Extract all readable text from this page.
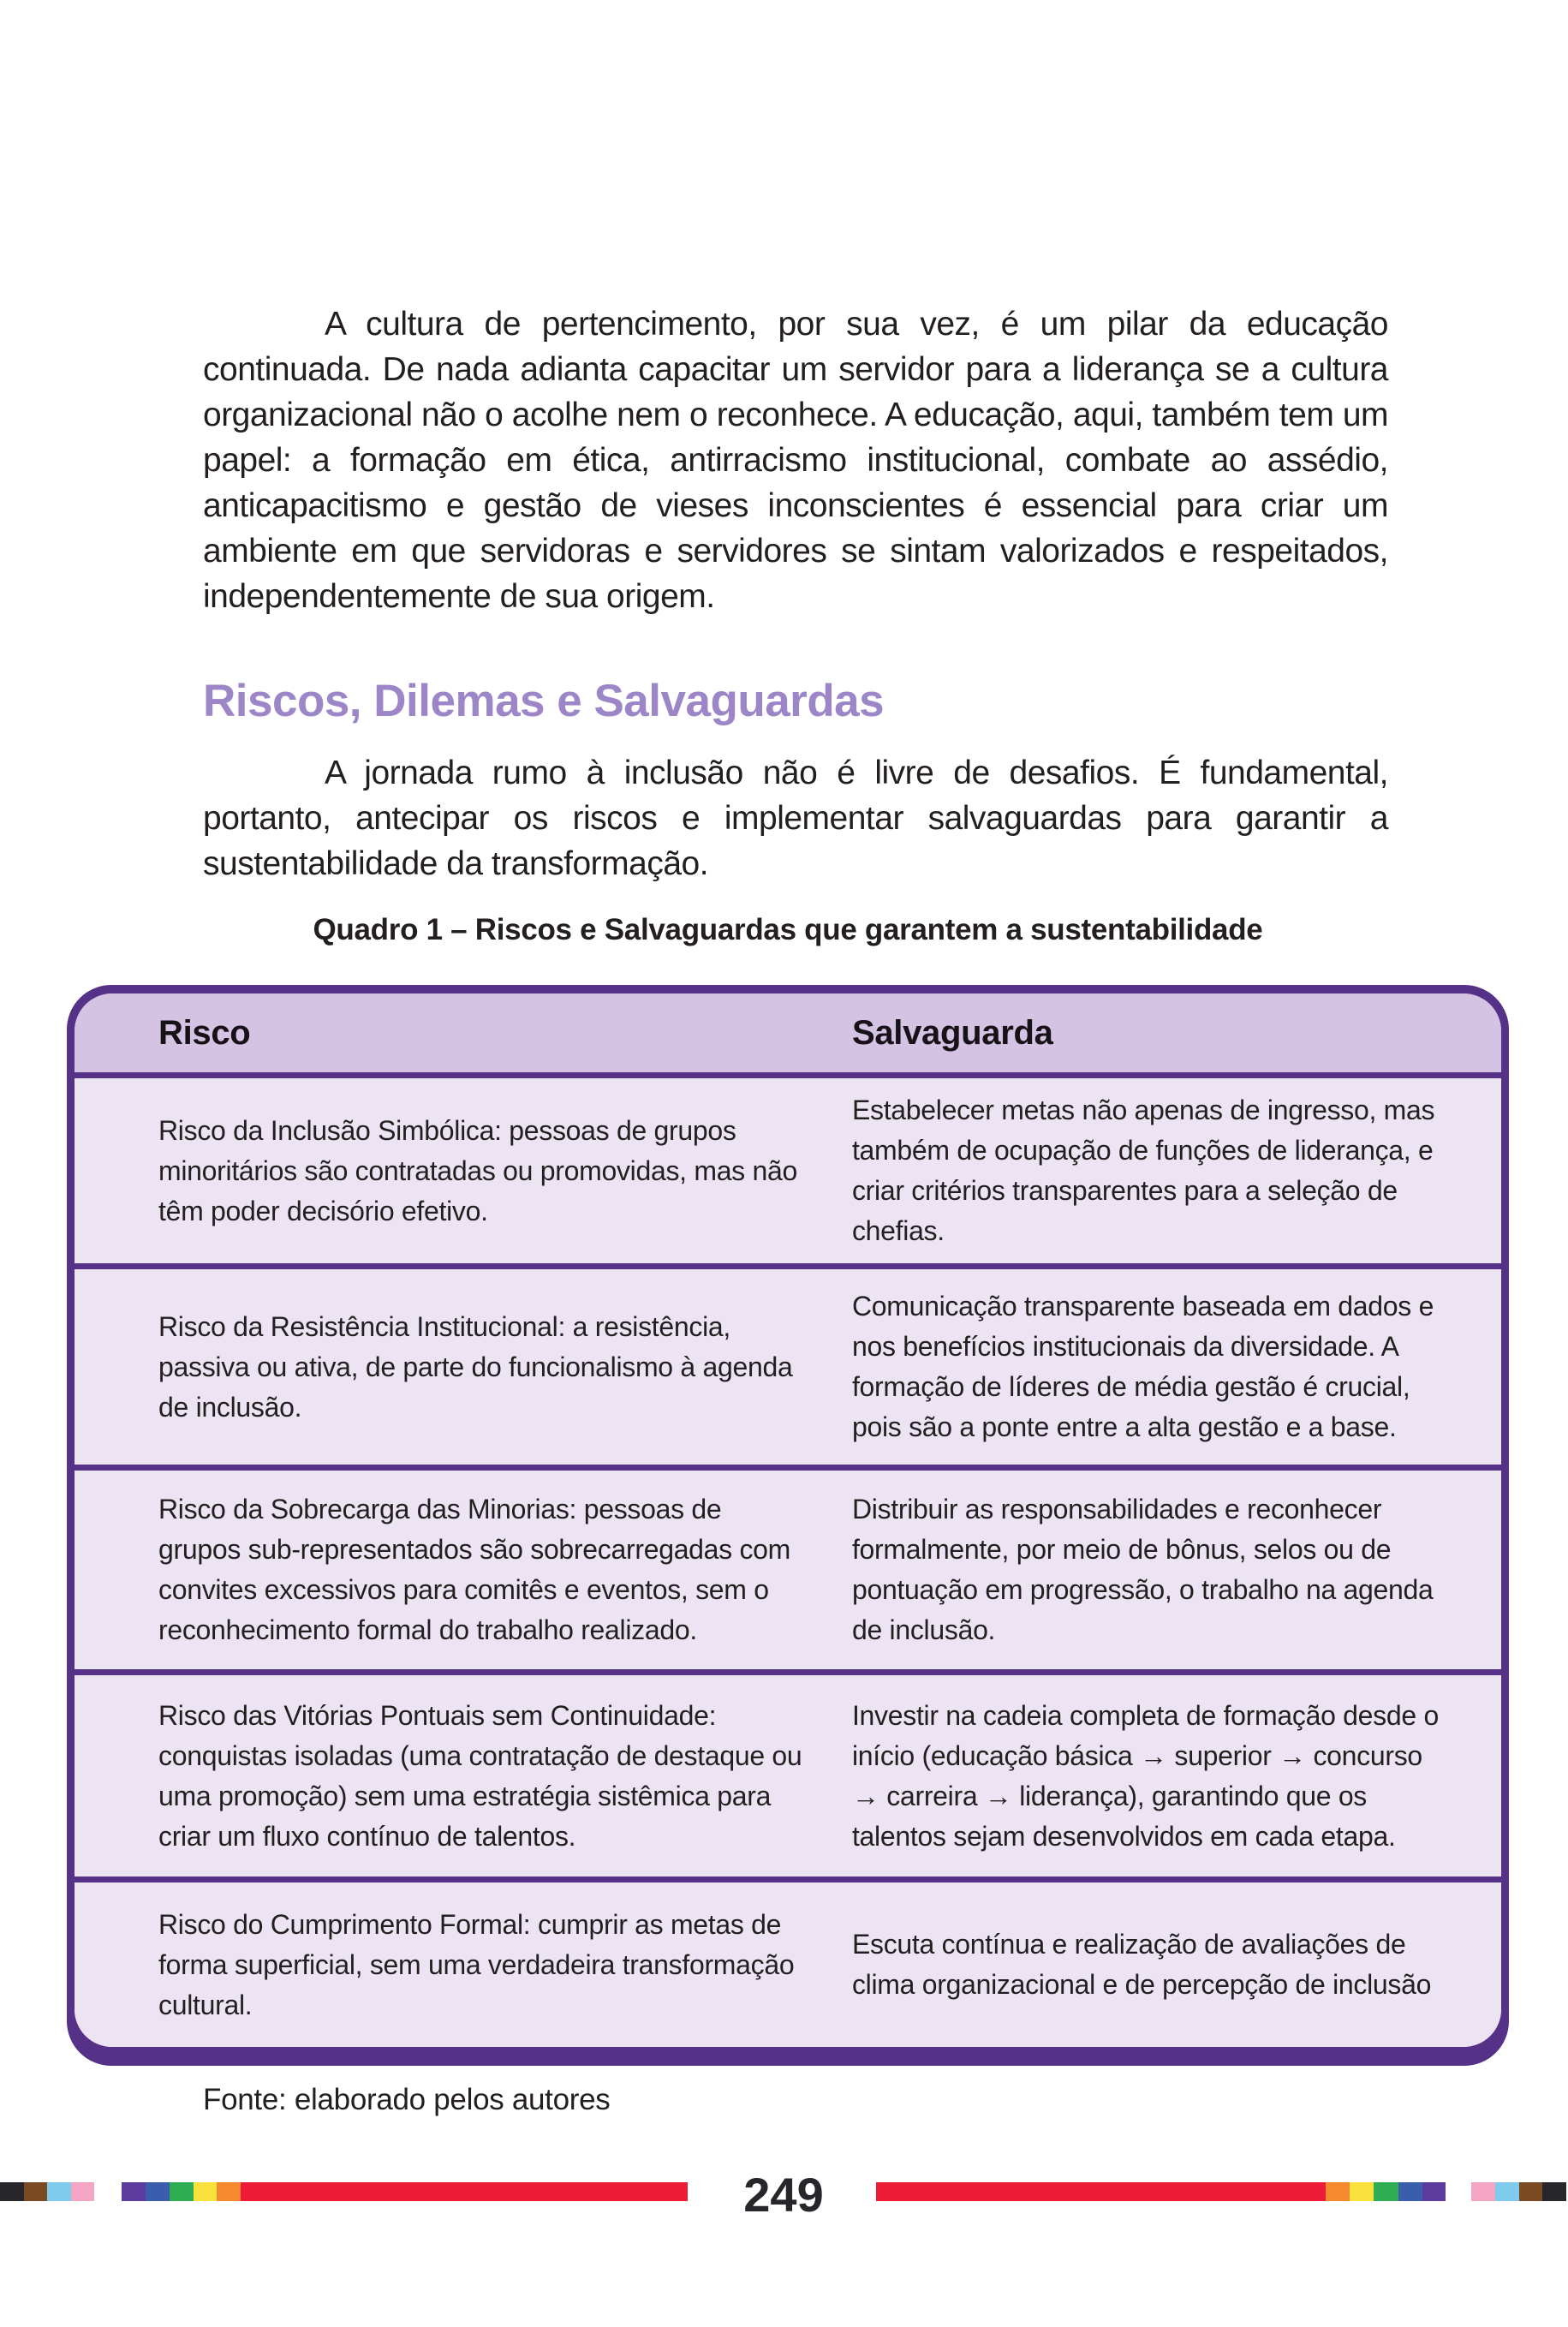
A cultura de pertencimento, por sua vez, é um pilar da educação continuada. De nada adianta capacitar um servidor para a liderança se a cultura organizacional não o acolhe nem o reconhece. A educação, aqui, também tem um papel: a formação em ética, antirracismo institucional, combate ao assédio, anticapacitismo e gestão de vieses inconscientes é essencial para criar um ambiente em que servidoras e servidores se sintam valorizados e respeitados, independentemente de sua origem.

Riscos, Dilemas e Salvaguardas

A jornada rumo à inclusão não é livre de desafios. É fundamental, portanto, antecipar os riscos e implementar salvaguardas para garantir a sustentabilidade da transformação.

Quadro 1 – Riscos e Salvaguardas que garantem a sustentabilidade
Risco	Salvaguarda
Risco da Inclusão Simbólica: pessoas de grupos minoritários são contratadas ou promovidas, mas não têm poder decisório efetivo.
Estabelecer metas não apenas de ingresso, mas também de ocupação de funções de liderança, e criar critérios transparentes para a seleção de chefias.
Risco da Resistência Institucional: a resistência, passiva ou ativa, de parte do funcionalismo à agenda de inclusão.
Comunicação transparente baseada em dados e nos benefícios institucionais da diversidade. A formação de líderes de média gestão é crucial, pois são a ponte entre a alta gestão e a base.
Risco da Sobrecarga das Minorias: pessoas de grupos sub-representados são sobrecarregadas com convites excessivos para comitês e eventos, sem o reconhecimento formal do trabalho realizado.
Distribuir as responsabilidades e reconhecer formalmente, por meio de bônus, selos ou de pontuação em progressão, o trabalho na agenda de inclusão.
Risco das Vitórias Pontuais sem Continuidade: conquistas isoladas (uma contratação de destaque ou uma promoção) sem uma estratégia sistêmica para criar um fluxo contínuo de talentos.
Investir na cadeia completa de formação desde o início (educação básica → superior → concurso → carreira → liderança), garantindo que os talentos sejam desenvolvidos em cada etapa.
Risco do Cumprimento Formal: cumprir as metas de forma superficial, sem uma verdadeira transformação cultural.
Escuta contínua e realização de avaliações de clima organizacional e de percepção de inclusão
Fonte: elaborado pelos autores
249
